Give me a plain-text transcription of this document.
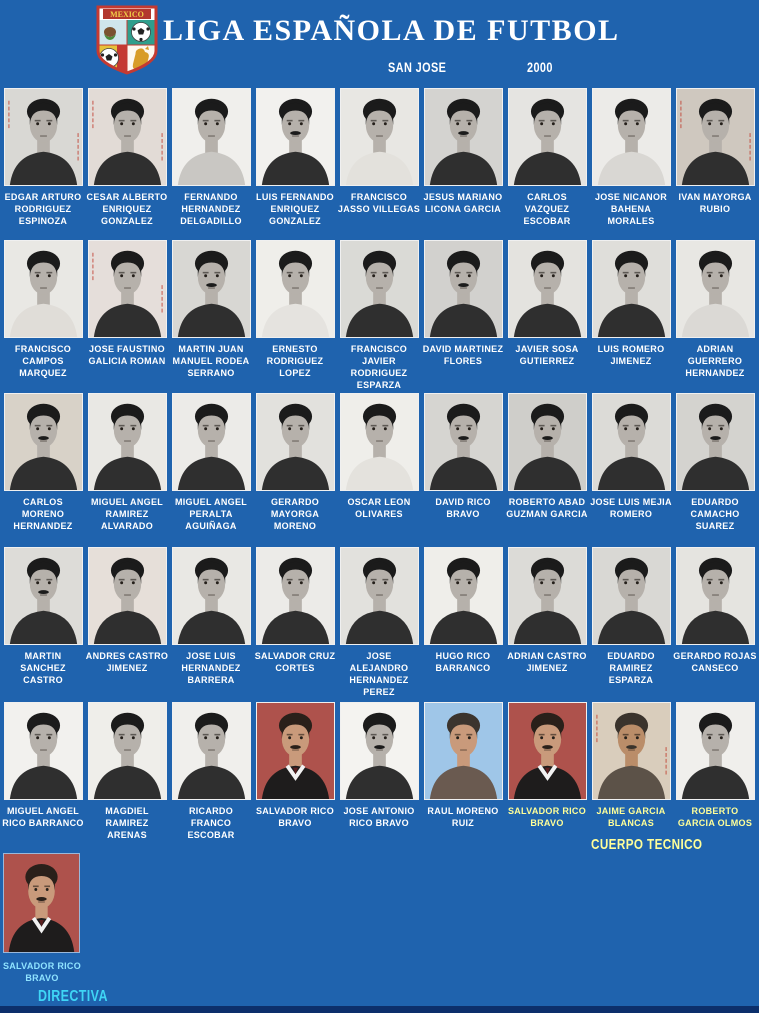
MEXICO LIGA ESPAÑOLA DE FUTBOL
SAN JOSE	2000
EDGAR ARTURO RODRIGUEZ ESPINOZA
CESAR ALBERTO ENRIQUEZ GONZALEZ
FERNANDO HERNANDEZ DELGADILLO
LUIS FERNANDO ENRIQUEZ GONZALEZ
FRANCISCO JASSO VILLEGAS
JESUS MARIANO LICONA GARCIA
CARLOS VAZQUEZ ESCOBAR
JOSE NICANOR BAHENA MORALES
IVAN MAYORGA RUBIO
FRANCISCO CAMPOS MARQUEZ
JOSE FAUSTINO GALICIA ROMAN
MARTIN JUAN MANUEL RODEA SERRANO
ERNESTO RODRIGUEZ LOPEZ
FRANCISCO JAVIER RODRIGUEZ ESPARZA
DAVID MARTINEZ FLORES
JAVIER SOSA GUTIERREZ
LUIS ROMERO JIMENEZ
ADRIAN GUERRERO HERNANDEZ
CARLOS MORENO HERNANDEZ
MIGUEL ANGEL RAMIREZ ALVARADO
MIGUEL ANGEL PERALTA AGUIÑAGA
GERARDO MAYORGA MORENO
OSCAR LEON OLIVARES
DAVID RICO BRAVO
ROBERTO ABAD GUZMAN GARCIA
JOSE LUIS MEJIA ROMERO
EDUARDO CAMACHO SUAREZ
MARTIN SANCHEZ CASTRO
ANDRES CASTRO JIMENEZ
JOSE LUIS HERNANDEZ BARRERA
SALVADOR CRUZ CORTES
JOSE ALEJANDRO HERNANDEZ PEREZ
HUGO RICO BARRANCO
ADRIAN CASTRO JIMENEZ
EDUARDO RAMIREZ ESPARZA
GERARDO ROJAS CANSECO
MIGUEL ANGEL RICO BARRANCO
MAGDIEL RAMIREZ ARENAS
RICARDO FRANCO ESCOBAR
SALVADOR RICO BRAVO
JOSE ANTONIO RICO BRAVO
RAUL MORENO RUIZ
SALVADOR RICO BRAVO
JAIME GARCIA BLANCAS
ROBERTO GARCIA OLMOS
CUERPO TECNICO
SALVADOR RICO BRAVO
DIRECTIVA
